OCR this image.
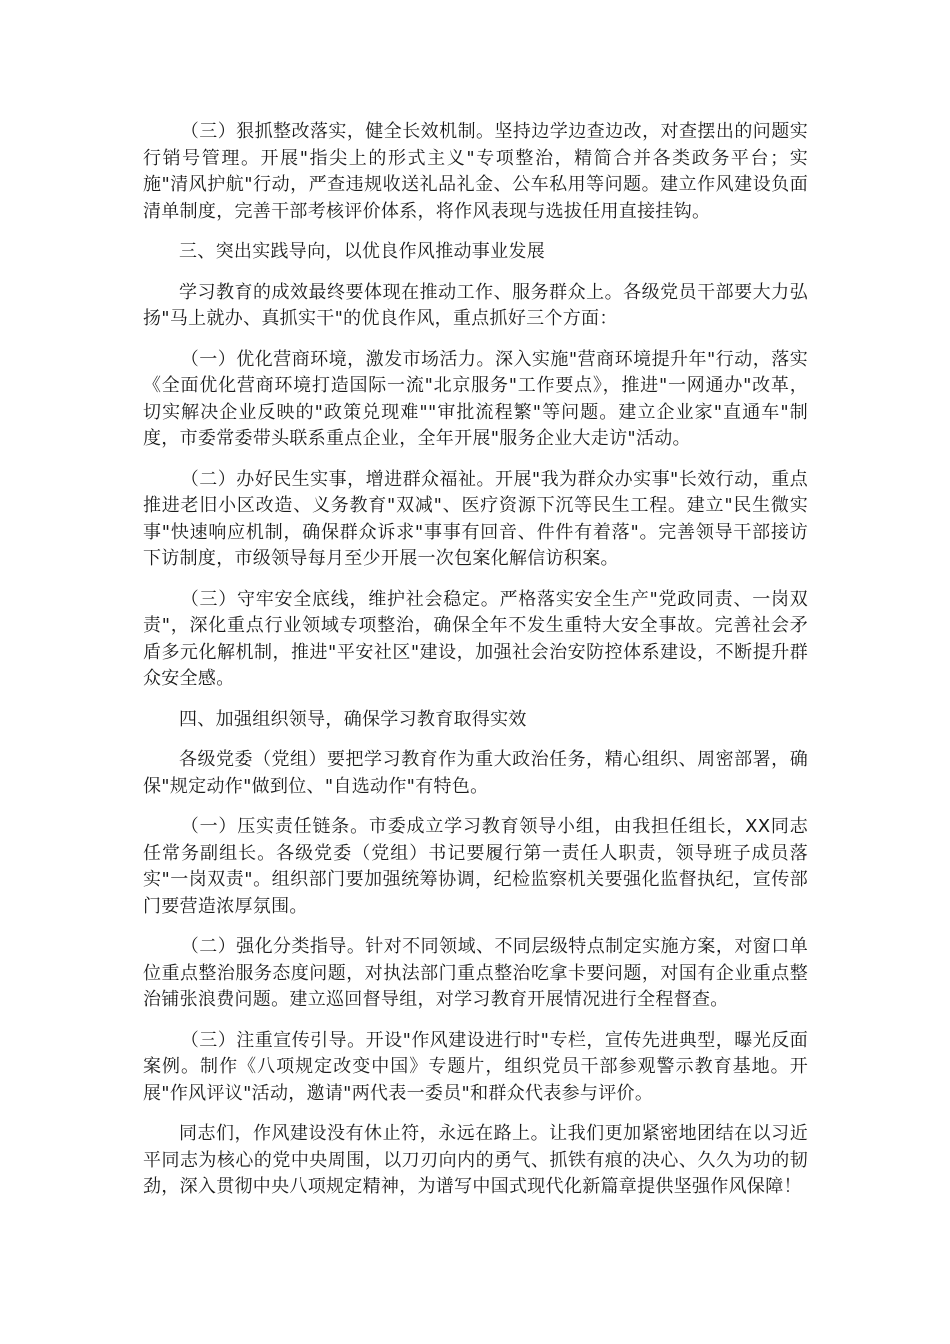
（三）狠抓整改落实，健全长效机制。坚持边学边查边改，对查摆出的问题实行销号管理。开展"指尖上的形式主义"专项整治，精简合并各类政务平台；实施"清风护航"行动，严查违规收送礼品礼金、公车私用等问题。建立作风建设负面清单制度，完善干部考核评价体系，将作风表现与选拔任用直接挂钩。

三、突出实践导向，以优良作风推动事业发展

学习教育的成效最终要体现在推动工作、服务群众上。各级党员干部要大力弘扬"马上就办、真抓实干"的优良作风，重点抓好三个方面：

（一）优化营商环境，激发市场活力。深入实施"营商环境提升年"行动，落实《全面优化营商环境打造国际一流"北京服务"工作要点》，推进"一网通办"改革，切实解决企业反映的"政策兑现难""审批流程繁"等问题。建立企业家"直通车"制度，市委常委带头联系重点企业，全年开展"服务企业大走访"活动。

（二）办好民生实事，增进群众福祉。开展"我为群众办实事"长效行动，重点推进老旧小区改造、义务教育"双减"、医疗资源下沉等民生工程。建立"民生微实事"快速响应机制，确保群众诉求"事事有回音、件件有着落"。完善领导干部接访下访制度，市级领导每月至少开展一次包案化解信访积案。

（三）守牢安全底线，维护社会稳定。严格落实安全生产"党政同责、一岗双责"，深化重点行业领域专项整治，确保全年不发生重特大安全事故。完善社会矛盾多元化解机制，推进"平安社区"建设，加强社会治安防控体系建设，不断提升群众安全感。

四、加强组织领导，确保学习教育取得实效

各级党委（党组）要把学习教育作为重大政治任务，精心组织、周密部署，确保"规定动作"做到位、"自选动作"有特色。

（一）压实责任链条。市委成立学习教育领导小组，由我担任组长，XX同志任常务副组长。各级党委（党组）书记要履行第一责任人职责，领导班子成员落实"一岗双责"。组织部门要加强统筹协调，纪检监察机关要强化监督执纪，宣传部门要营造浓厚氛围。

（二）强化分类指导。针对不同领域、不同层级特点制定实施方案，对窗口单位重点整治服务态度问题，对执法部门重点整治吃拿卡要问题，对国有企业重点整治铺张浪费问题。建立巡回督导组，对学习教育开展情况进行全程督查。

（三）注重宣传引导。开设"作风建设进行时"专栏，宣传先进典型，曝光反面案例。制作《八项规定改变中国》专题片，组织党员干部参观警示教育基地。开展"作风评议"活动，邀请"两代表一委员"和群众代表参与评价。

同志们，作风建设没有休止符，永远在路上。让我们更加紧密地团结在以习近平同志为核心的党中央周围，以刀刃向内的勇气、抓铁有痕的决心、久久为功的韧劲，深入贯彻中央八项规定精神，为谱写中国式现代化新篇章提供坚强作风保障！
